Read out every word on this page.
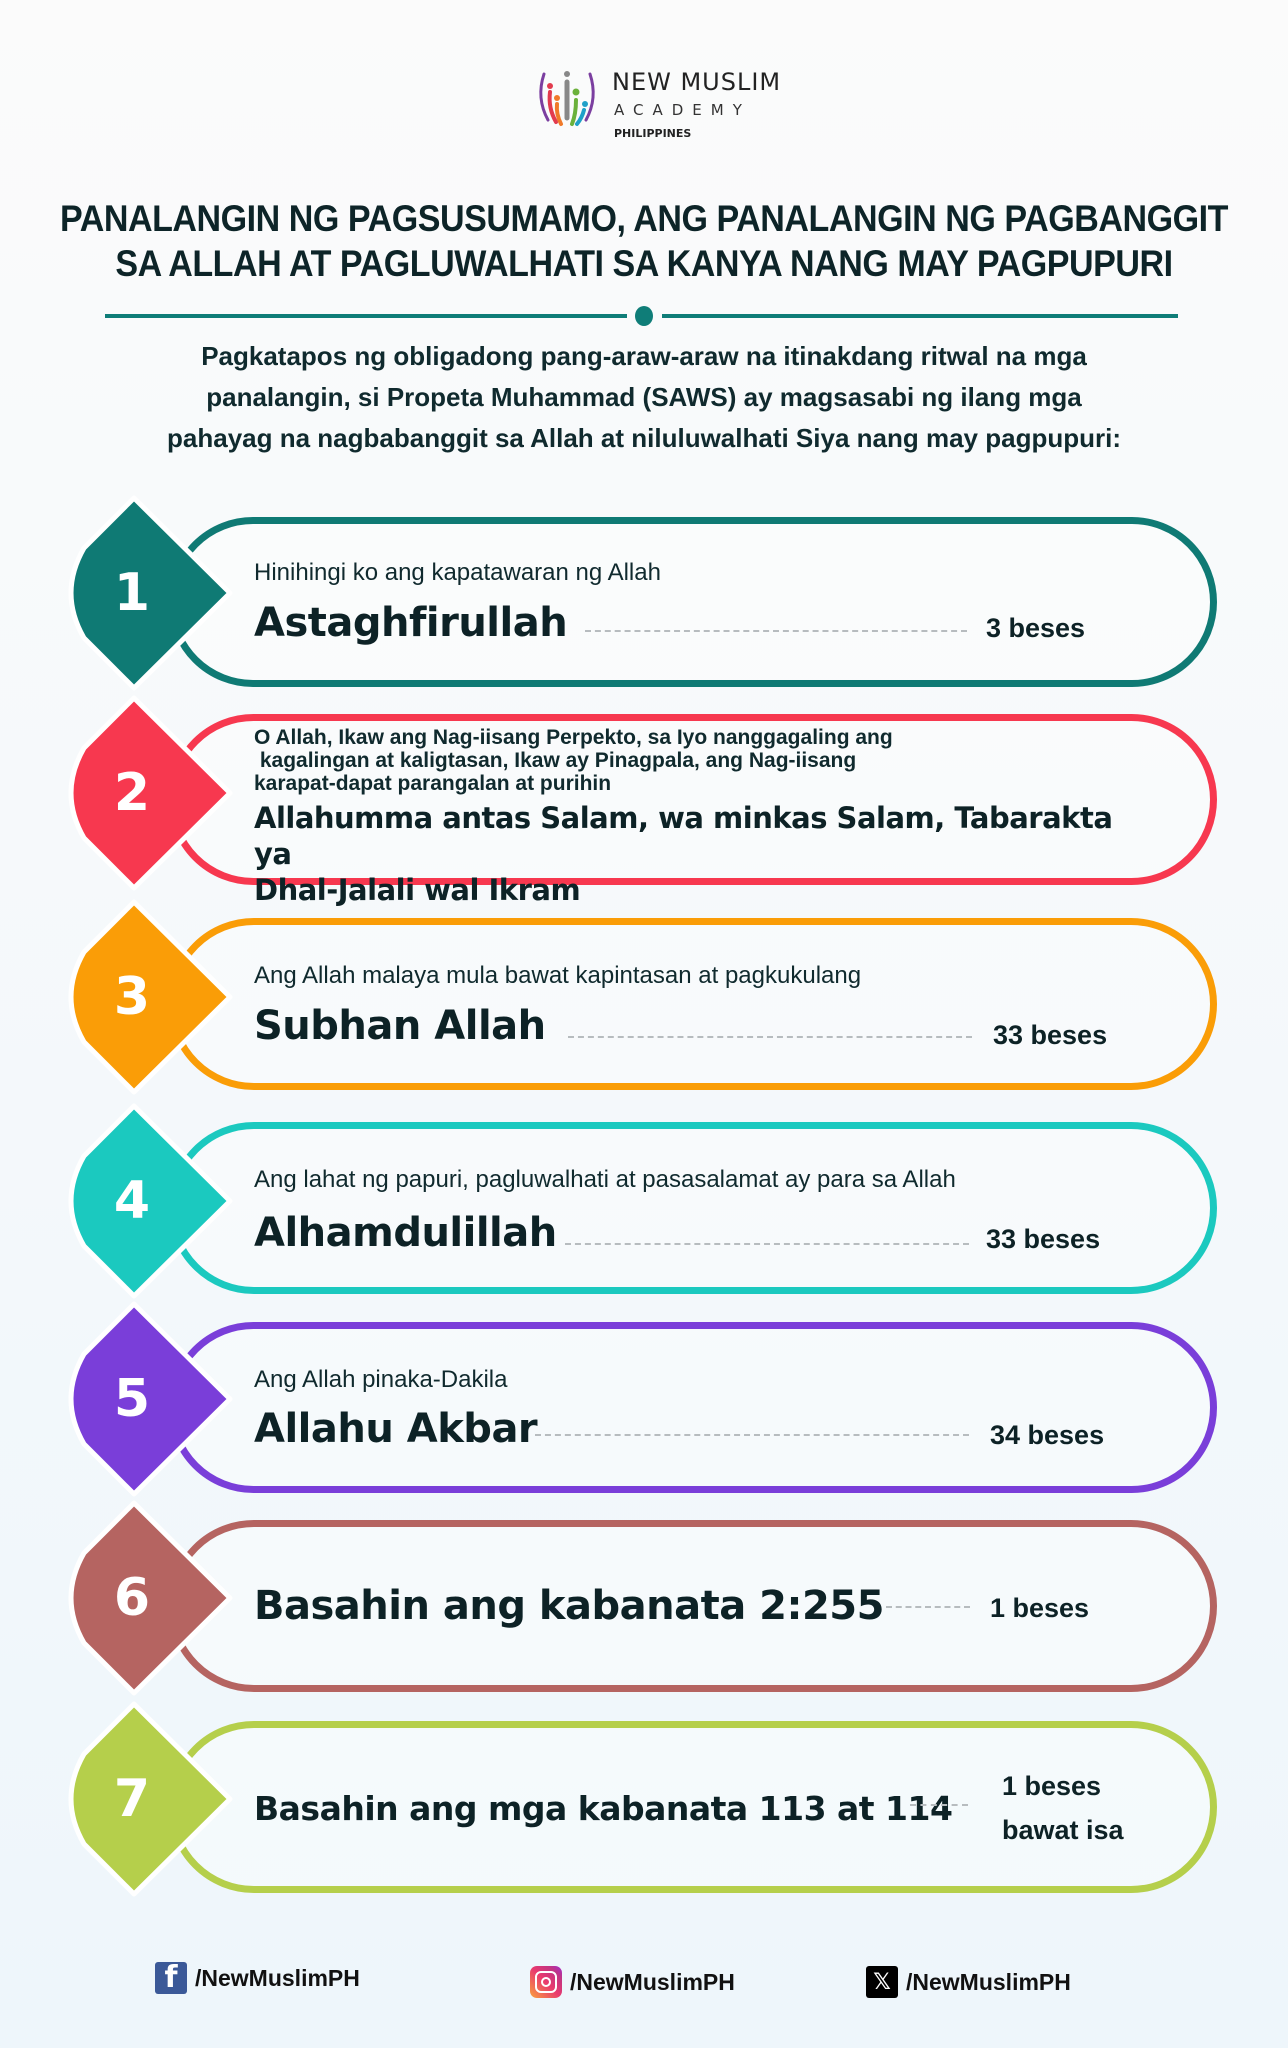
NEW MUSLIM
ACADEMY
PHILIPPINES
PANALANGIN NG PAGSUSUMAMO, ANG PANALANGIN NG PAGBANGGIT
SA ALLAH AT PAGLUWALHATI SA KANYA NANG MAY PAGPUPURI
Pagkatapos ng obligadong pang-araw-araw na itinakdang ritwal na mga
panalangin, si Propeta Muhammad (SAWS) ay magsasabi ng ilang mga
pahayag na nagbabanggit sa Allah at niluluwalhati Siya nang may pagpupuri:
1	Hinihingi ko ang kapatawaran ng Allah
Astaghfirullah	3 beses
2
O Allah, Ikaw ang Nag-iisang Perpekto, sa Iyo nanggagaling ang
kagalingan at kaligtasan, Ikaw ay Pinagpala, ang Nag-iisang
karapat-dapat parangalan at purihin
Allahumma antas Salam, wa minkas Salam, Tabarakta ya
Dhal-Jalali wal Ikram
3	Ang Allah malaya mula bawat kapintasan at pagkukulang
Subhan Allah	33 beses
4	Ang lahat ng papuri, pagluwalhati at pasasalamat ay para sa Allah
Alhamdulillah	33 beses
5	Ang Allah pinaka-Dakila
Allahu Akbar	34 beses
6	Basahin ang kabanata 2:255	1 beses
7	Basahin ang mga kabanata 113 at 114
1 beses
bawat isa
f /NewMuslimPH	/NewMuslimPH	𝕏 /NewMuslimPH
